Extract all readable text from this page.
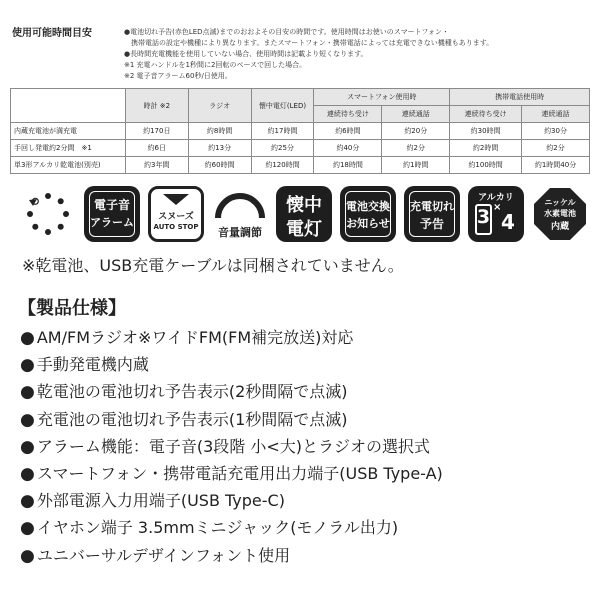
使用可能時間目安	●電池切れ予告(赤色LED点滅)までのおおよその目安の時間です。使用時間はお使いのスマートフォン・
　携帯電話の設定や機種により異なります。またスマートフォン・携帯電話によっては充電できない機種もあります。
●長時間充電機能を使用していない場合、使用時間は記載より短くなります。
※1 充電ハンドルを1秒間に2回転のペースで回した場合。
※2 電子音アラーム60秒/日使用。
	時計 ※2	ラジオ	懐中電灯(LED)	スマートフォン使用時		携帯電話使用時	
				連続待ち受け	連続通話	連続待ち受け	連続通話
内蔵充電池が満充電	約170日	約8時間	約17時間	約6時間	約20分	約30時間	約30分
手回し発電約2分間　 ※1	約6日	約13分	約25分	約40分	約2分	約2時間	約2分
単3形アルカリ乾電池(別売)	約3年間	約60時間	約120時間	約18時間	約1時間	約100時間	約1時間40分
電子音
アラーム	スヌーズ
AUTO STOP	音量調節
懐中
電灯
電池交換
お知らせ
充電切れ
予告
アルカリ
3 ×
4
ニッケル
水素電池
内蔵
※乾電池、USB充電ケーブルは同梱されていません。
【製品仕様】
● AM/FMラジオ※ワイドFM(FM補完放送)対応
● 手動発電機内蔵
● 乾電池の電池切れ予告表示(2秒間隔で点滅)
● 充電池の電池切れ予告表示(1秒間隔で点滅)
● アラーム機能：電子音(3段階 小<大)とラジオの選択式
● スマートフォン・携帯電話充電用出力端子(USB Type-A)
● 外部電源入力用端子(USB Type-C)
● イヤホン端子 3.5mmミニジャック(モノラル出力)
● ユニバーサルデザインフォント使用
